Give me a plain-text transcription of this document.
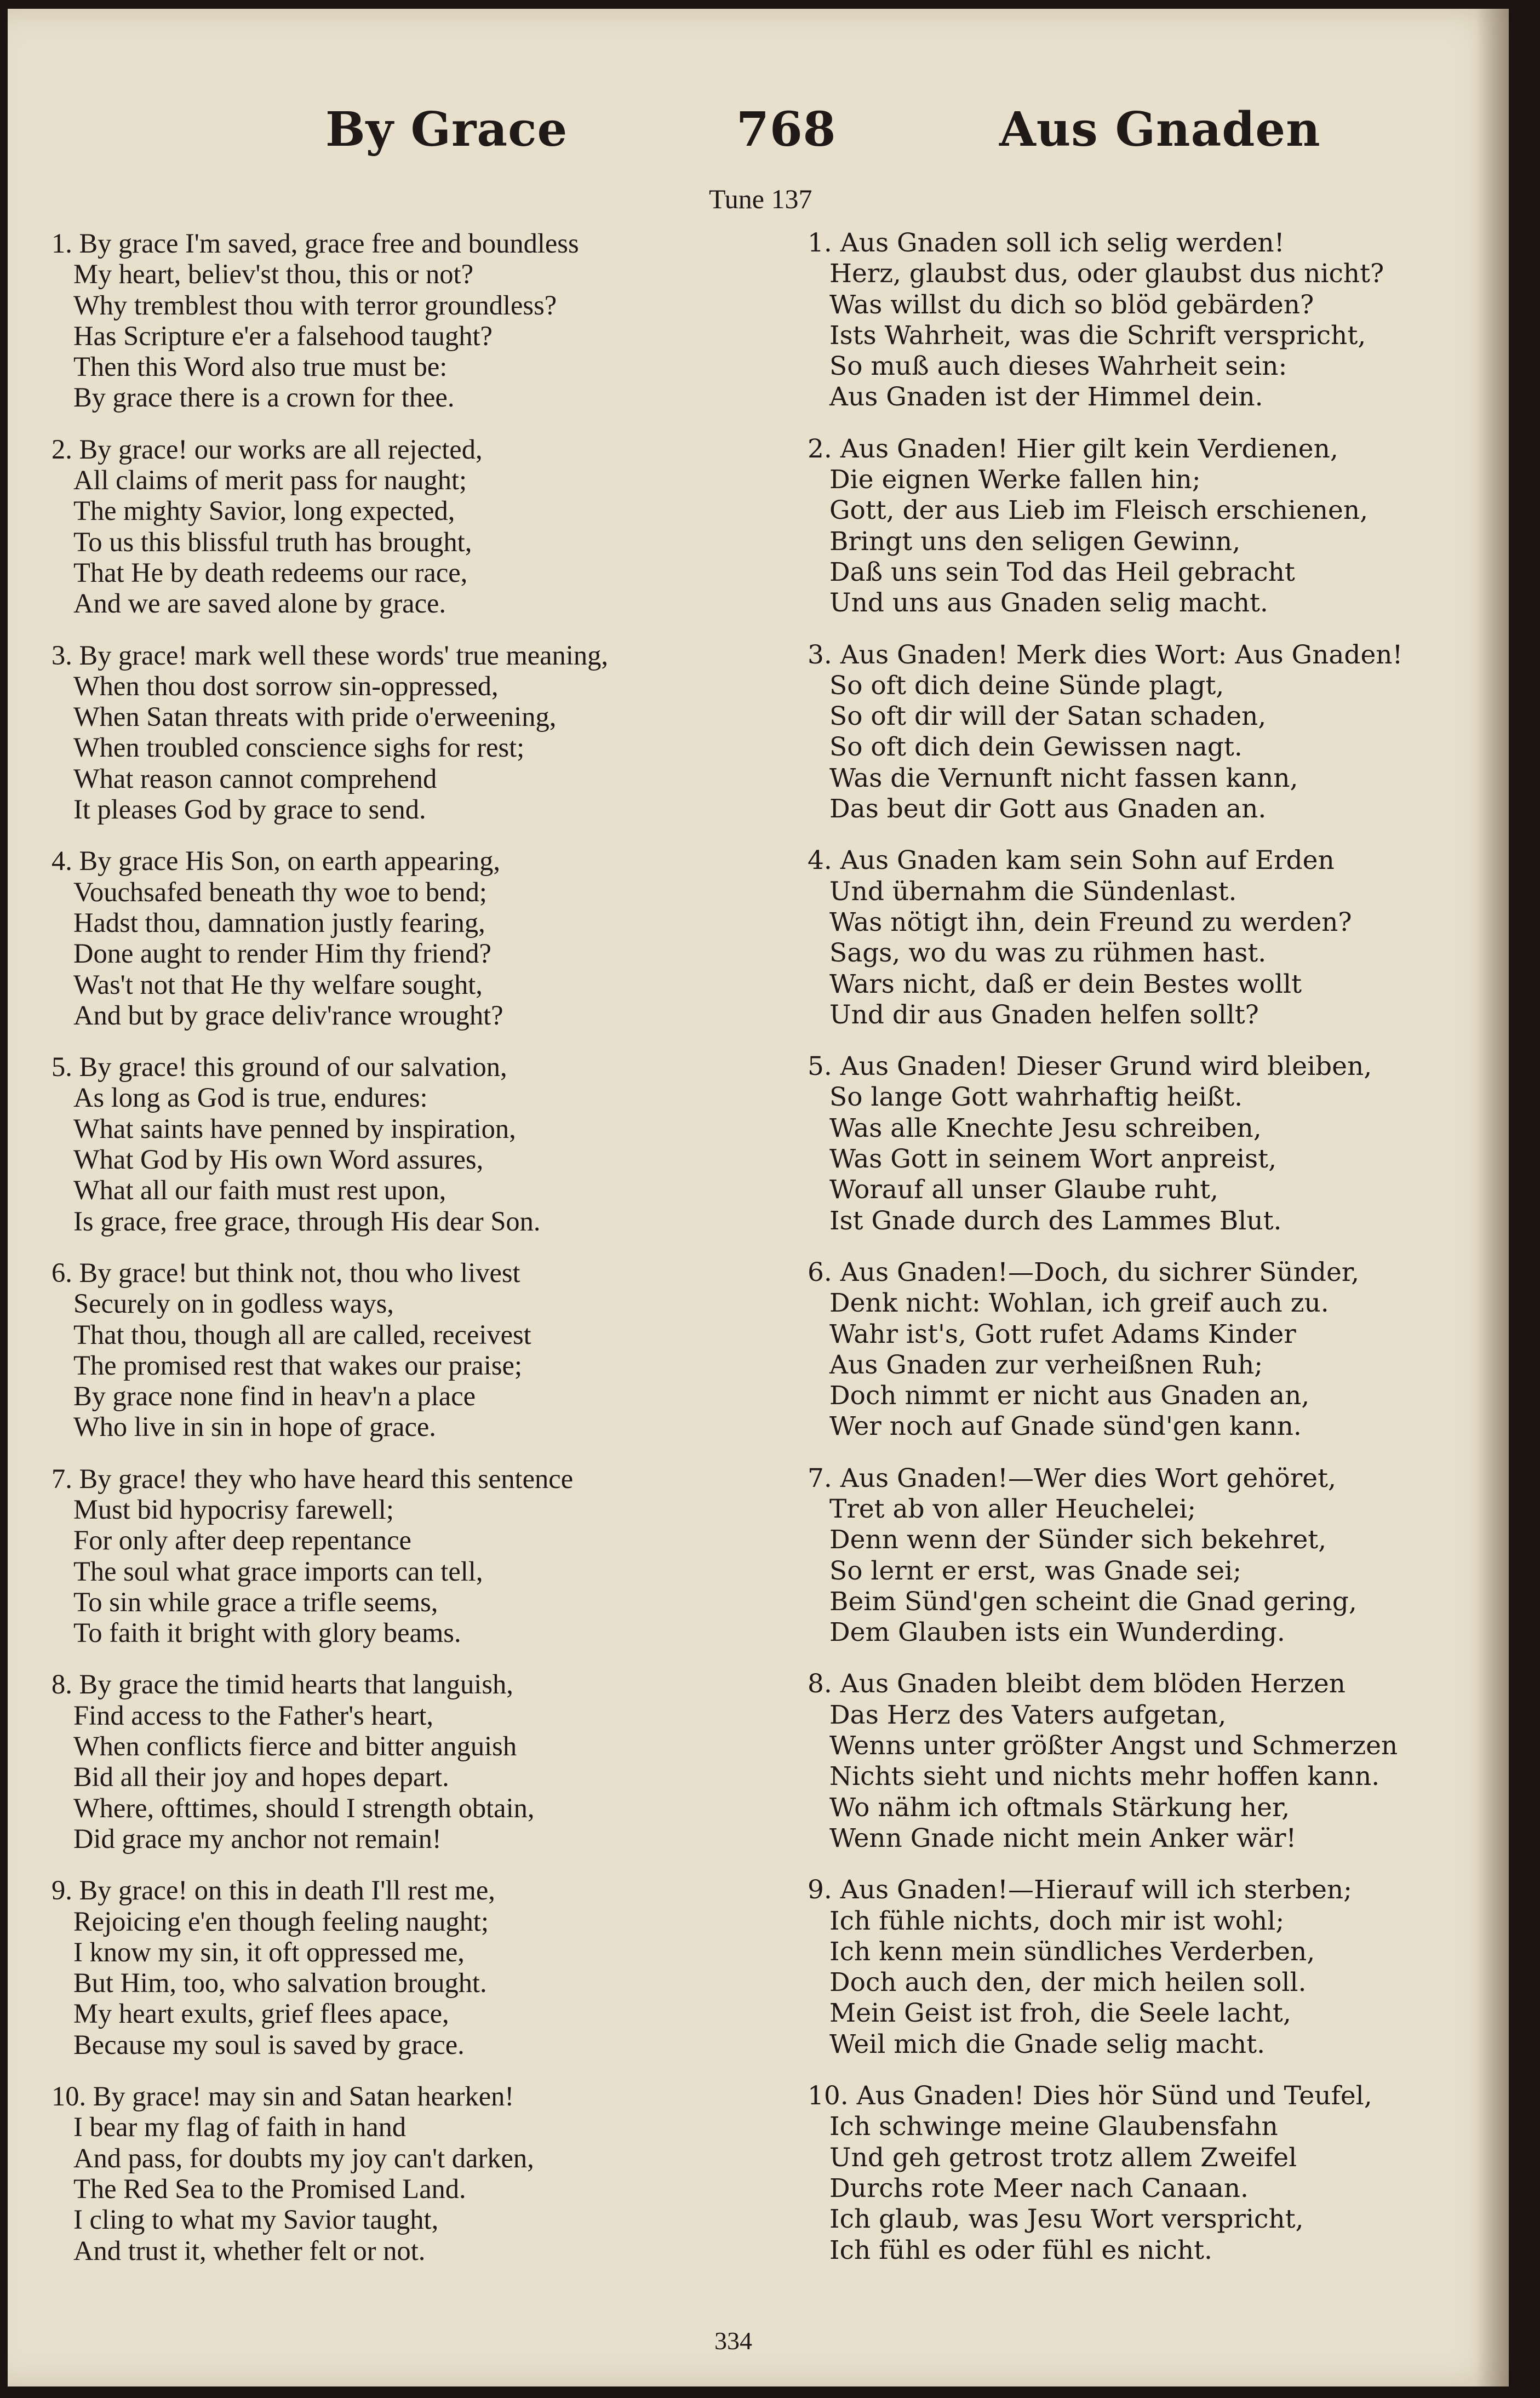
By Grace	768	Aus Gnaden
Tune 137
1. By grace I'm saved, grace free and boundless
My heart, believ'st thou, this or not?
Why tremblest thou with terror groundless?
Has Scripture e'er a falsehood taught?
Then this Word also true must be:
By grace there is a crown for thee.
2. By grace! our works are all rejected,
All claims of merit pass for naught;
The mighty Savior, long expected,
To us this blissful truth has brought,
That He by death redeems our race,
And we are saved alone by grace.
3. By grace! mark well these words' true meaning,
When thou dost sorrow sin-oppressed,
When Satan threats with pride o'erweening,
When troubled conscience sighs for rest;
What reason cannot comprehend
It pleases God by grace to send.
4. By grace His Son, on earth appearing,
Vouchsafed beneath thy woe to bend;
Hadst thou, damnation justly fearing,
Done aught to render Him thy friend?
Was't not that He thy welfare sought,
And but by grace deliv'rance wrought?
5. By grace! this ground of our salvation,
As long as God is true, endures:
What saints have penned by inspiration,
What God by His own Word assures,
What all our faith must rest upon,
Is grace, free grace, through His dear Son.
6. By grace! but think not, thou who livest
Securely on in godless ways,
That thou, though all are called, receivest
The promised rest that wakes our praise;
By grace none find in heav'n a place
Who live in sin in hope of grace.
7. By grace! they who have heard this sentence
Must bid hypocrisy farewell;
For only after deep repentance
The soul what grace imports can tell,
To sin while grace a trifle seems,
To faith it bright with glory beams.
8. By grace the timid hearts that languish,
Find access to the Father's heart,
When conflicts fierce and bitter anguish
Bid all their joy and hopes depart.
Where, ofttimes, should I strength obtain,
Did grace my anchor not remain!
9. By grace! on this in death I'll rest me,
Rejoicing e'en though feeling naught;
I know my sin, it oft oppressed me,
But Him, too, who salvation brought.
My heart exults, grief flees apace,
Because my soul is saved by grace.
10. By grace! may sin and Satan hearken!
I bear my flag of faith in hand
And pass, for doubts my joy can't darken,
The Red Sea to the Promised Land.
I cling to what my Savior taught,
And trust it, whether felt or not.
1. Aus Gnaden soll ich selig werden!
Herz, glaubst dus, oder glaubst dus nicht?
Was willst du dich so blöd gebärden?
Ists Wahrheit, was die Schrift verspricht,
So muß auch dieses Wahrheit sein:
Aus Gnaden ist der Himmel dein.
2. Aus Gnaden! Hier gilt kein Verdienen,
Die eignen Werke fallen hin;
Gott, der aus Lieb im Fleisch erschienen,
Bringt uns den seligen Gewinn,
Daß uns sein Tod das Heil gebracht
Und uns aus Gnaden selig macht.
3. Aus Gnaden! Merk dies Wort: Aus Gnaden!
So oft dich deine Sünde plagt,
So oft dir will der Satan schaden,
So oft dich dein Gewissen nagt.
Was die Vernunft nicht fassen kann,
Das beut dir Gott aus Gnaden an.
4. Aus Gnaden kam sein Sohn auf Erden
Und übernahm die Sündenlast.
Was nötigt ihn, dein Freund zu werden?
Sags, wo du was zu rühmen hast.
Wars nicht, daß er dein Bestes wollt
Und dir aus Gnaden helfen sollt?
5. Aus Gnaden! Dieser Grund wird bleiben,
So lange Gott wahrhaftig heißt.
Was alle Knechte Jesu schreiben,
Was Gott in seinem Wort anpreist,
Worauf all unser Glaube ruht,
Ist Gnade durch des Lammes Blut.
6. Aus Gnaden!—Doch, du sichrer Sünder,
Denk nicht: Wohlan, ich greif auch zu.
Wahr ist's, Gott rufet Adams Kinder
Aus Gnaden zur verheißnen Ruh;
Doch nimmt er nicht aus Gnaden an,
Wer noch auf Gnade sünd'gen kann.
7. Aus Gnaden!—Wer dies Wort gehöret,
Tret ab von aller Heuchelei;
Denn wenn der Sünder sich bekehret,
So lernt er erst, was Gnade sei;
Beim Sünd'gen scheint die Gnad gering,
Dem Glauben ists ein Wunderding.
8. Aus Gnaden bleibt dem blöden Herzen
Das Herz des Vaters aufgetan,
Wenns unter größter Angst und Schmerzen
Nichts sieht und nichts mehr hoffen kann.
Wo nähm ich oftmals Stärkung her,
Wenn Gnade nicht mein Anker wär!
9. Aus Gnaden!—Hierauf will ich sterben;
Ich fühle nichts, doch mir ist wohl;
Ich kenn mein sündliches Verderben,
Doch auch den, der mich heilen soll.
Mein Geist ist froh, die Seele lacht,
Weil mich die Gnade selig macht.
10. Aus Gnaden! Dies hör Sünd und Teufel,
Ich schwinge meine Glaubensfahn
Und geh getrost trotz allem Zweifel
Durchs rote Meer nach Canaan.
Ich glaub, was Jesu Wort verspricht,
Ich fühl es oder fühl es nicht.
334
